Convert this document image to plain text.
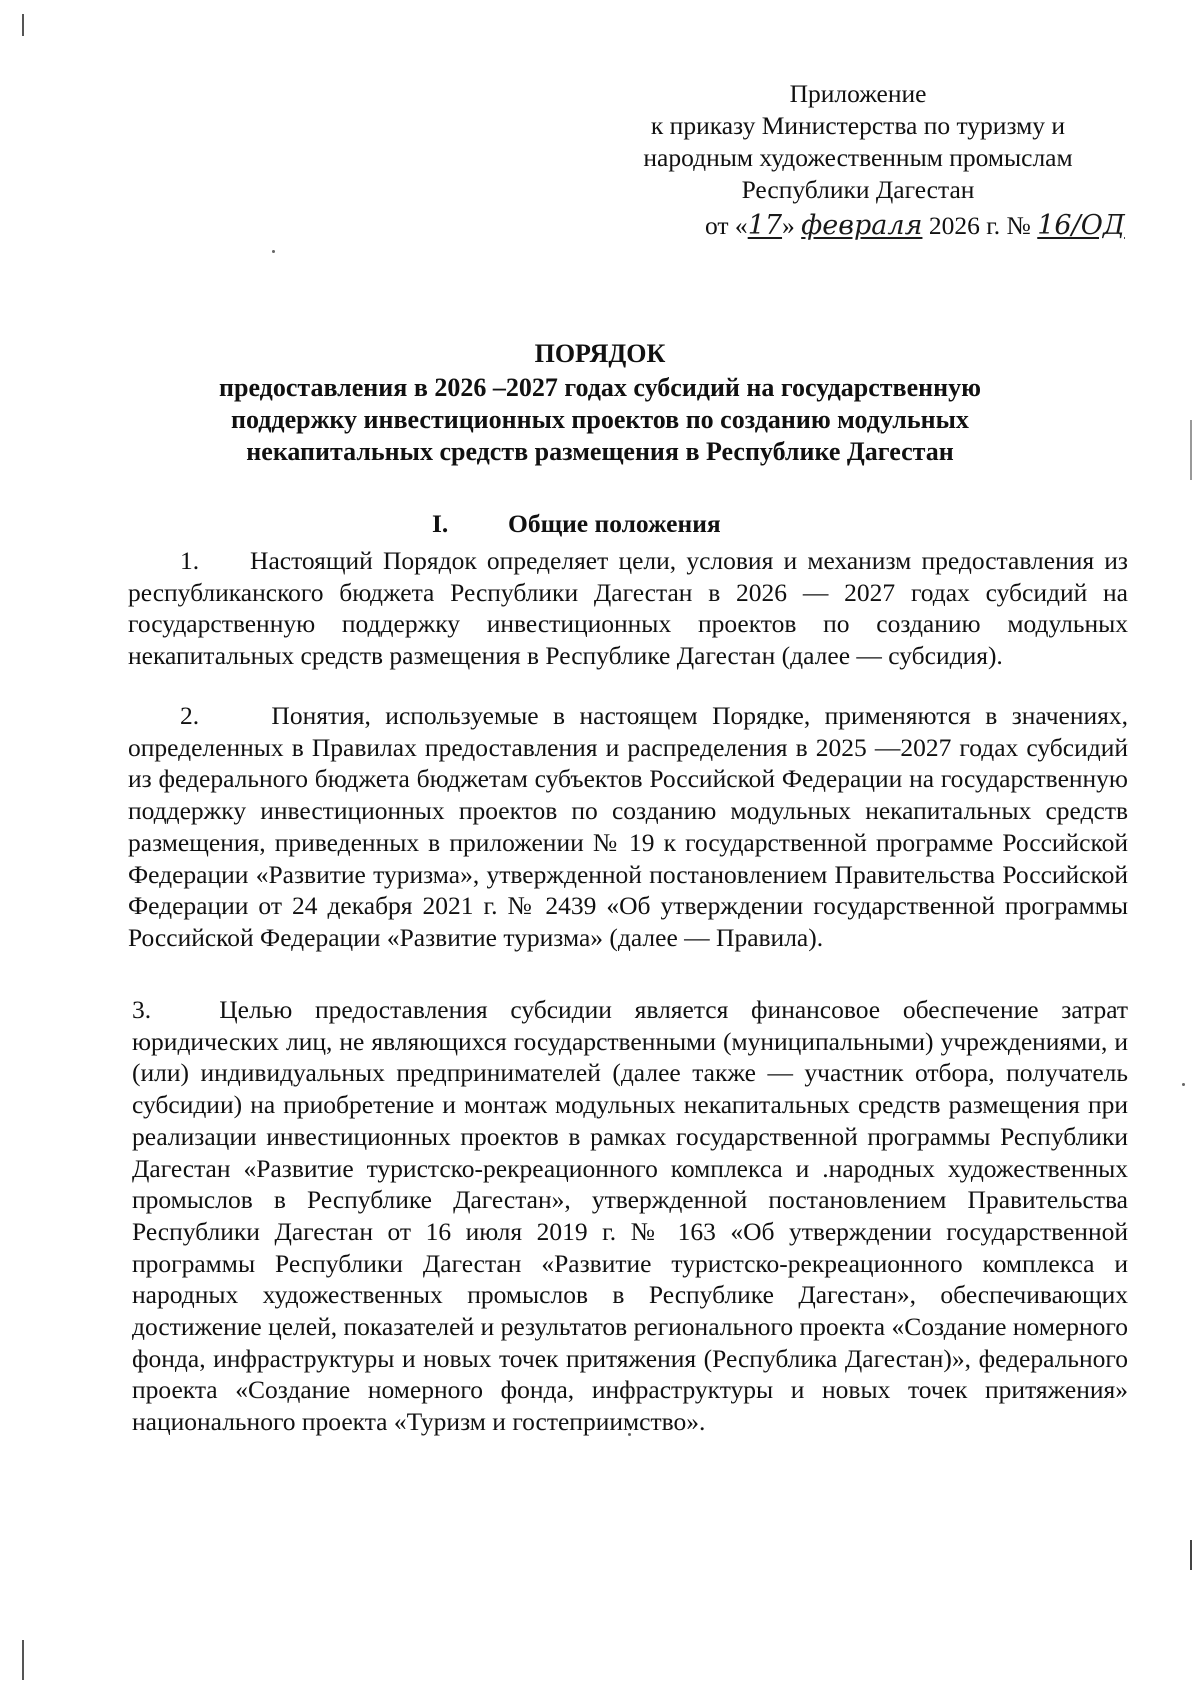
Приложение
к приказу Министерства по туризму и
народным художественным промыслам
Республики Дагестан
от «17» февраля 2026 г. № 16/ОД
ПОРЯДОК
предоставления в 2026 –2027 годах субсидий на государственную
поддержку инвестиционных проектов по созданию модульных
некапитальных средств размещения в Республике Дагестан
I. Общие положения

1.     Настоящий Порядок определяет цели, условия и механизм предоставления из республиканского бюджета Республики Дагестан в 2026 — 2027 годах субсидий на государственную поддержку инвестиционных проектов по созданию модульных некапитальных средств размещения в Республике Дагестан (далее — субсидия).

2.     Понятия, используемые в настоящем Порядке, применяются в значениях, определенных в Правилах предоставления и распределения в 2025 —2027 годах субсидий из федерального бюджета бюджетам субъектов Российской Федерации на государственную поддержку инвестиционных проектов по созданию модульных некапитальных средств размещения, приведенных в приложении № 19 к государственной программе Российской Федерации «Развитие туризма», утвержденной постановлением Правительства Российской Федерации от 24 декабря 2021 г. № 2439 «Об утверждении государственной программы Российской Федерации «Развитие туризма» (далее — Правила).

3.   Целью предоставления субсидии является финансовое обеспечение затрат юридических лиц, не являющихся государственными (муниципальными) учреждениями, и (или) индивидуальных предпринимателей (далее также — участник отбора, получатель субсидии) на приобретение и монтаж модульных некапитальных средств размещения при реализации инвестиционных проектов в рамках государственной программы Республики Дагестан «Развитие туристско-рекреационного комплекса и .народных художественных промыслов в Республике Дагестан», утвержденной постановлением Правительства Республики Дагестан от 16 июля 2019 г. № 163 «Об утверждении государственной программы Республики Дагестан «Развитие туристско-рекреационного комплекса и народных художественных промыслов в Республике Дагестан», обеспечивающих достижение целей, показателей и результатов регионального проекта «Создание номерного фонда, инфраструктуры и новых точек притяжения (Республика Дагестан)», федерального проекта «Создание номерного фонда, инфраструктуры и новых точек притяжения» национального проекта «Туризм и гостеприимство».
